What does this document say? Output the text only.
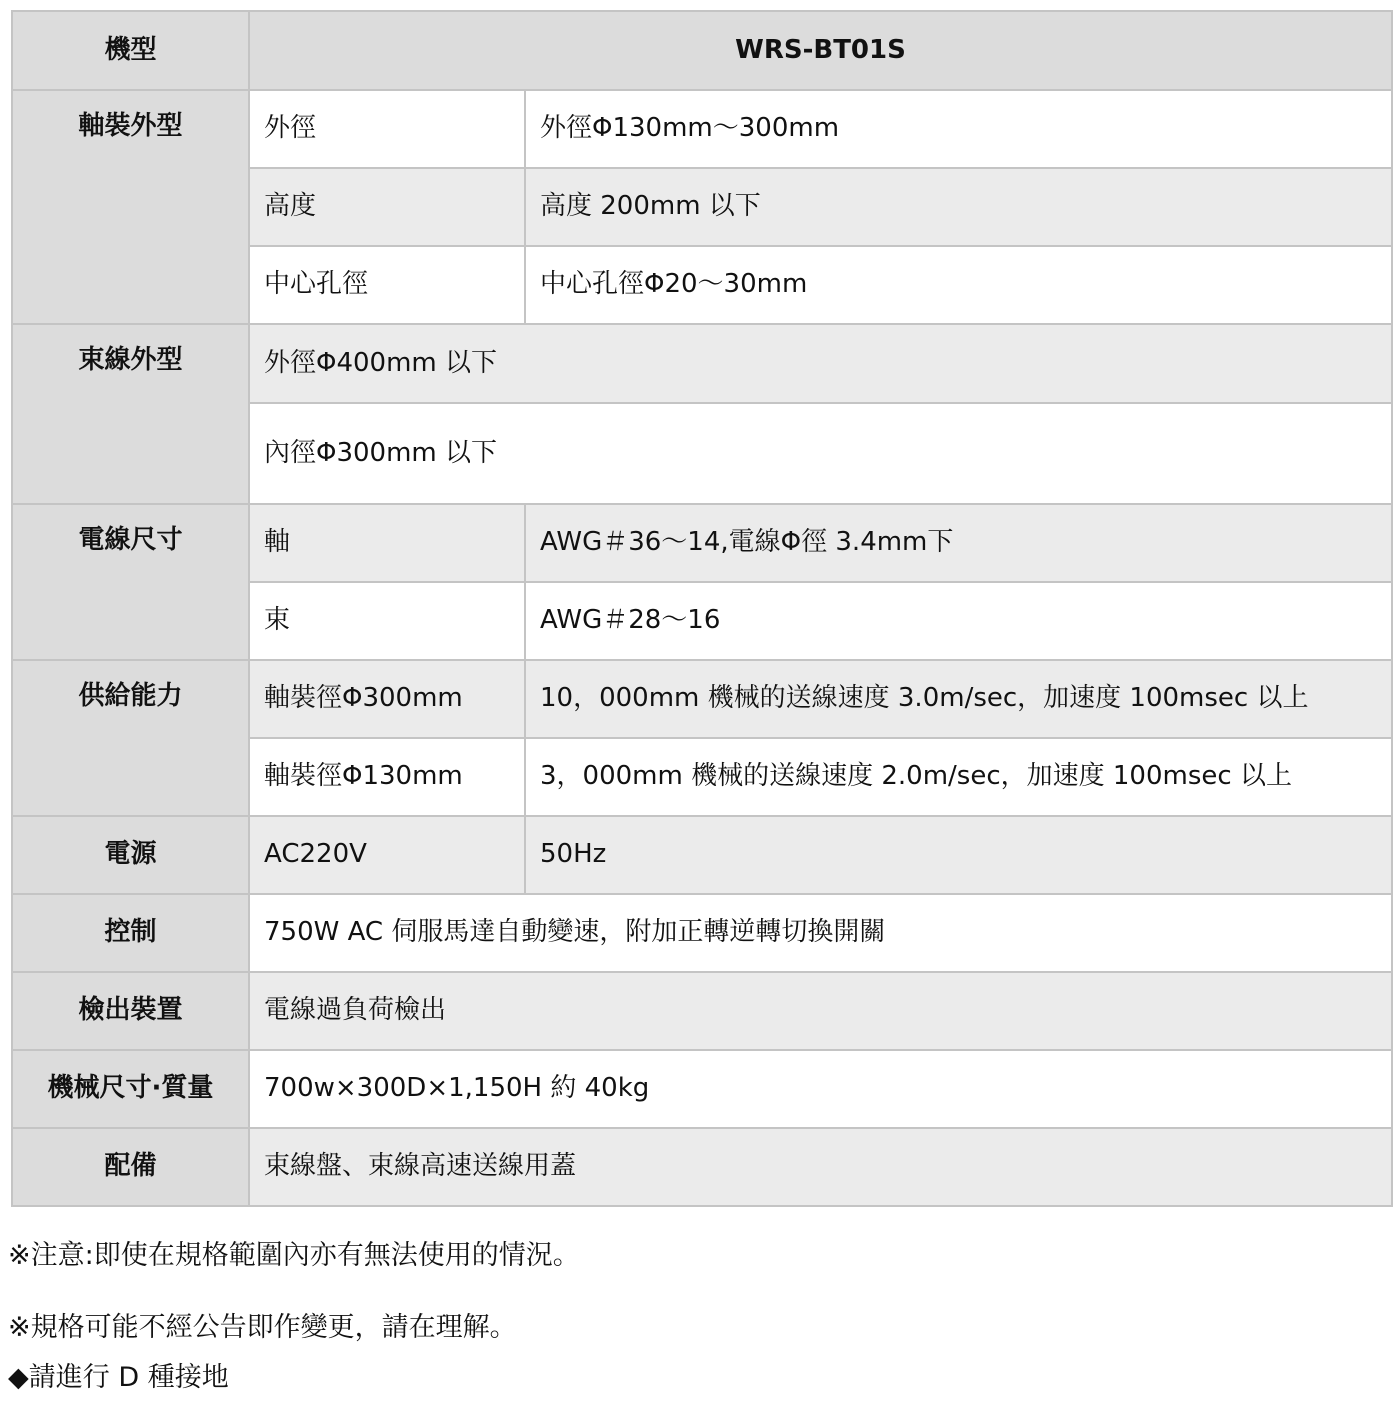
機型	WRS-BT01S	
軸裝外型	外徑	外徑Φ130mm～300mm
	高度	高度 200mm 以下
	中心孔徑	中心孔徑Φ20～30mm
束線外型	外徑Φ400mm 以下	
	內徑Φ300mm 以下	
電線尺寸	軸	AWG＃36～14,電線Φ徑 3.4mm下
	束	AWG＃28～16
供給能力	軸裝徑Φ300mm	10，000mm 機械的送線速度 3.0m/sec，加速度 100msec 以上
	軸裝徑Φ130mm	3，000mm 機械的送線速度 2.0m/sec，加速度 100msec 以上
電源	AC220V	50Hz
控制	750W AC 伺服馬達自動變速，附加正轉逆轉切換開關	
檢出裝置	電線過負荷檢出	
機械尺寸·質量	700w×300D×1,150H 約 40kg	
配備	束線盤、束線高速送線用蓋	

※注意:即使在規格範圍內亦有無法使用的情況。

※規格可能不經公告即作變更，請在理解。

◆請進行 D 種接地
